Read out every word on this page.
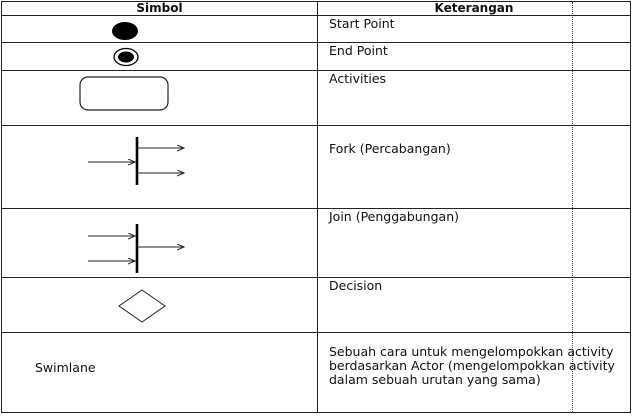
Simbol	Keterangan
Swimlane
Start Point
End Point
Activities
Fork (Percabangan)
Join (Penggabungan)
Decision
Sebuah cara untuk mengelompokkan activity berdasarkan Actor (mengelompokkan activity dalam sebuah urutan yang sama)
